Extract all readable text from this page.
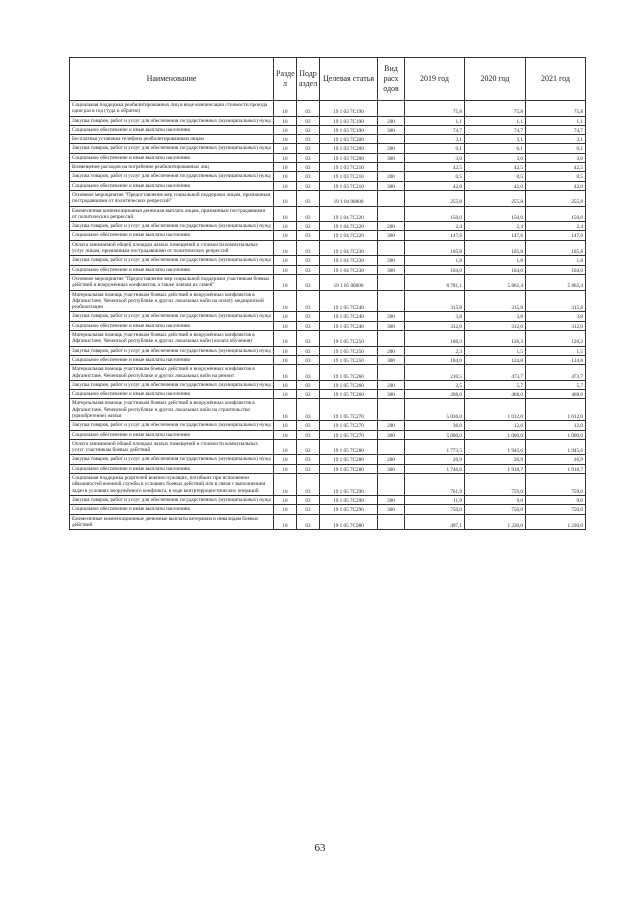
Наименование	Разде л	Подр аздел	Целевая статья	Вид расх одов	2019 год	2020 год	2021 год
Социальная поддержка реабилитированных лиц в виде компенсации стоимости проезда один раз в год (туда и обратно)	10	03	19 1 03 7С190		75,8	75,8	75,8
Закупка товаров, работ и услуг для обеспечения государственных (муниципальных) нужд	10	03	19 1 03 7С190	200	1,1	1,1	1,1
Социальное обеспечение и иные выплаты населению	10	03	19 1 03 7С190	300	74,7	74,7	74,7
Бесплатная установка телефона реабилитированным лицам	10	03	19 1 03 7С200		3,1	3,1	3,1
Закупка товаров, работ и услуг для обеспечения государственных (муниципальных) нужд	10	03	19 1 03 7С200	200	0,1	0,1	0,1
Социальное обеспечение и иные выплаты населению	10	03	19 1 03 7С200	300	3,0	3,0	3,0
Возмещение расходов на погребение реабилитированных лиц	10	03	19 1 03 7С210		42,5	42,5	42,5
Закупка товаров, работ и услуг для обеспечения государственных (муниципальных) нужд	10	03	19 1 03 7С210	200	0,5	0,5	0,5
Социальное обеспечение и иные выплаты населению	10	03	19 1 03 7С210	300	42,0	42,0	42,0
Основное мероприятие "Предоставление мер социальной поддержки лицам, признанным пострадавшими от политических репрессий"	10	03	19 1 04 00000		255,8	255,8	255,8
Ежемесячная компенсационная денежная выплата лицам, признанным пострадавшими от политических репрессий	10	03	19 1 04 7С220		150,0	150,0	150,0
Закупка товаров, работ и услуг для обеспечения государственных (муниципальных) нужд	10	03	19 1 04 7С220	200	2,4	2,4	2,4
Социальное обеспечение и иные выплаты населению	10	03	19 1 04 7С220	300	147,6	147,6	147,6
Оплата занимаемой общей площади жилых помещений и стоимости коммунальных услуг лицам, признанным пострадавшими от политических репрессий	10	03	19 1 04 7С230		105,8	105,8	105,8
Закупка товаров, работ и услуг для обеспечения государственных (муниципальных) нужд	10	03	19 1 04 7С230	200	1,8	1,8	1,8
Социальное обеспечение и иные выплаты населению	10	03	19 1 04 7С230	300	104,0	104,0	104,0
Основное мероприятие "Предоставление мер социальной поддержки участникам боевых действий и вооружённых конфликтов, а также членам их семей"	10	03	19 1 05 00000		8 781,1	5 862,4	5 862,4
Материальная помощь участникам боевых действий и вооружённых конфликтов в Афганистане, Чеченской республике и других локальных войн на оплату медицинской реабилитации	10	03	19 1 05 7С240		315,8	315,8	315,8
Закупка товаров, работ и услуг для обеспечения государственных (муниципальных) нужд	10	03	19 1 05 7С240	200	3,8	3,8	3,8
Социальное обеспечение и иные выплаты населению	10	03	19 1 05 7С240	300	312,0	312,0	312,0
Материальная помощь участникам боевых действий и вооружённых конфликтов в Афганистане, Чеченской республике и других локальных войн (оплата обучения)	10	03	19 1 05 7С250		186,3	126,3	126,3
Закупка товаров, работ и услуг для обеспечения государственных (муниципальных) нужд	10	03	19 1 05 7С250	200	2,3	1,5	1,5
Социальное обеспечение и иные выплаты населению	10	03	19 1 05 7С250	300	184,0	124,8	124,8
Материальная помощь участникам боевых действий и вооружённых конфликтов в Афганистане, Чеченской республике и других локальных войн на ремонт	10	03	19 1 05 7С260		210,5	473,7	473,7
Закупка товаров, работ и услуг для обеспечения государственных (муниципальных) нужд	10	03	19 1 05 7С260	200	2,5	5,7	5,7
Социальное обеспечение и иные выплаты населению	10	03	19 1 05 7С260	300	208,0	468,0	468,0
Материальная помощь участникам боевых действий и вооружённых конфликтов в Афганистане, Чеченской республике и других локальных войн на строительство (приобретение) жилья	10	03	19 1 05 7С270		5 036,0	1 012,0	1 012,0
Закупка товаров, работ и услуг для обеспечения государственных (муниципальных) нужд	10	03	19 1 05 7С270	200	36,0	12,0	12,0
Социальное обеспечение и иные выплаты населению	10	03	19 1 05 7С270	300	5 000,0	1 000,0	1 000,0
Оплата занимаемой общей площади жилых помещений и стоимости коммунальных услуг участникам боевых действий	10	03	19 1 05 7С280		1 773,5	1 945,6	1 945,6
Закупка товаров, работ и услуг для обеспечения государственных (муниципальных) нужд	10	03	19 1 05 7С280	200	26,9	26,9	26,9
Социальное обеспечение и иные выплаты населению	10	03	19 1 05 7С280	300	1 746,6	1 918,7	1 918,7
Социальная поддержка родителей военнослужащих, погибших при исполнении обязанностей военной службы в условиях боевых действий или в связи с выполнением задач в условиях вооружённого конфликта, в ходе контртеррористических операций	10	03	19 1 05 7С290		761,9	759,0	759,0
Закупка товаров, работ и услуг для обеспечения государственных (муниципальных) нужд	10	03	19 1 05 7С290	200	11,9	9,0	9,0
Социальное обеспечение и иные выплаты населению	10	03	19 1 05 7С290	300	750,0	750,0	750,0
Ежемесячные компенсационные денежные выплаты ветеранам и инвалидам боевых действий	10	03	19 1 05 7С980		497,1	1 230,0	1 230,0
63
